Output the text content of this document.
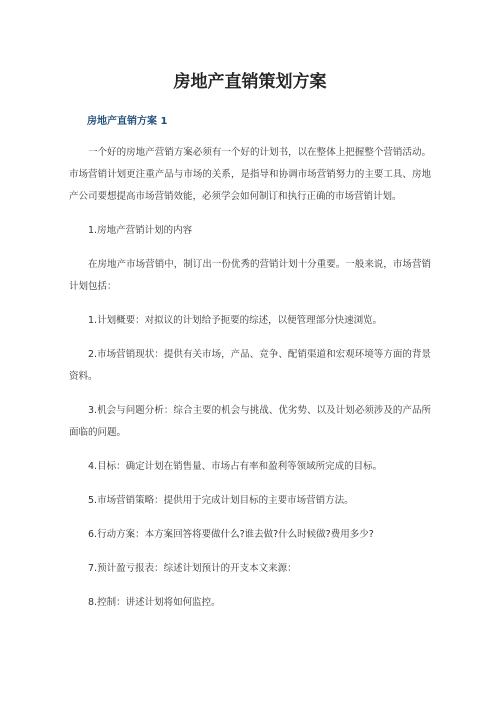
房地产直销策划方案
房地产直销方案 1

一个好的房地产营销方案必须有一个好的计划书，以在整体上把握整个营销活动。市场营销计划更注重产品与市场的关系，是指导和协调市场营销努力的主要工具、房地产公司要想提高市场营销效能，必须学会如何制订和执行正确的市场营销计划。

1.房地产营销计划的内容

在房地产市场营销中，制订出一份优秀的营销计划十分重要。一般来说，市场营销计划包括：

1.计划概要：对拟议的计划给予扼要的综述，以便管理部分快速浏览。

2.市场营销现状：提供有关市场，产品、竞争、配销渠道和宏观环境等方面的背景资料。

3.机会与问题分析：综合主要的机会与挑战、优劣势、以及计划必须涉及的产品所面临的问题。

4.目标：确定计划在销售量、市场占有率和盈利等领域所完成的目标。

5.市场营销策略：提供用于完成计划目标的主要市场营销方法。

6.行动方案：本方案回答将要做什么?谁去做?什么时候做?费用多少?

7.预计盈亏报表：综述计划预计的开支本文来源：

8.控制：讲述计划将如何监控。
